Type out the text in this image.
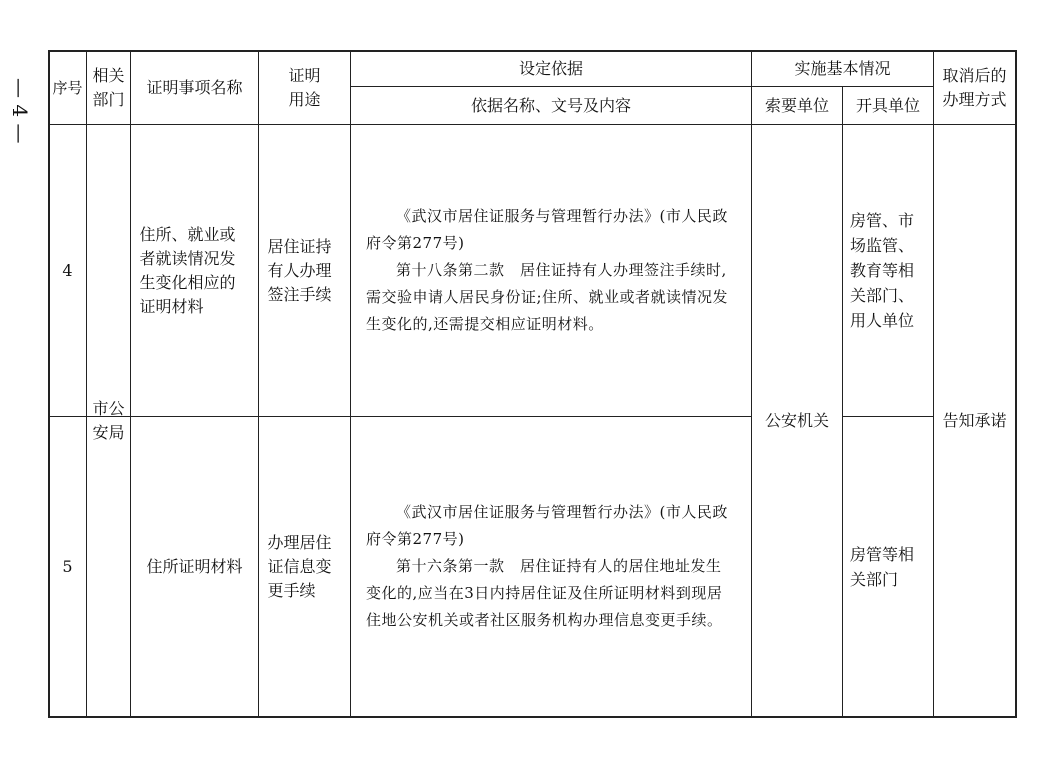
— 4 — 序号
相关部门
证明事项名称
证明用途
设定依据
依据名称、文号及内容
实施基本情况
索要单位 开具单位
取消后的办理方式
4
住所、就业或者就读情况发生变化相应的证明材料
居住证持有人办理签注手续

《武汉市居住证服务与管理暂行办法》(市人民政府令第277号)

第十八条第二款　居住证持有人办理签注手续时,需交验申请人居民身份证;住所、就业或者就读情况发生变化的,还需提交相应证明材料。

房管、市场监管、教育等相关部门、用人单位
5	住所证明材料
办理居住证信息变更手续

《武汉市居住证服务与管理暂行办法》(市人民政府令第277号)

第十六条第一款　居住证持有人的居住地址发生变化的,应当在3日内持居住证及住所证明材料到现居住地公安机关或者社区服务机构办理信息变更手续。

房管等相关部门
市公安局
公安机关	告知承诺
